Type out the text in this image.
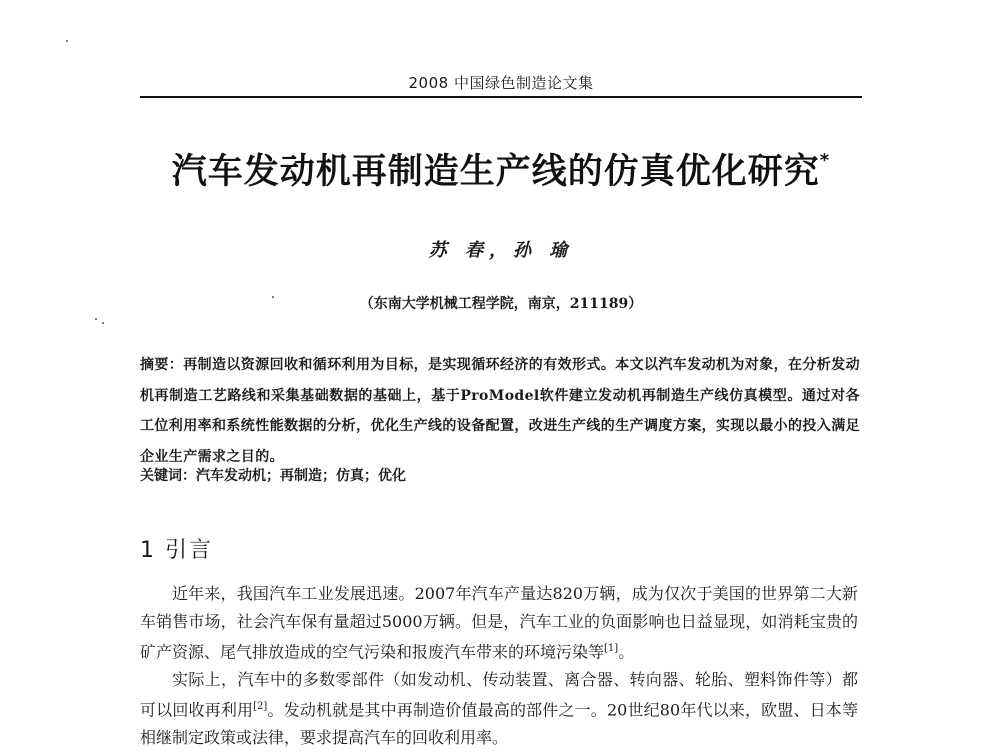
2008 中国绿色制造论文集
汽车发动机再制造生产线的仿真优化研究*
苏 春，孙 瑜
（东南大学机械工程学院，南京，211189）
摘要：再制造以资源回收和循环利用为目标，是实现循环经济的有效形式。本文以汽车发动机为对象，在分析发动机再制造工艺路线和采集基础数据的基础上，基于ProModel软件建立发动机再制造生产线仿真模型。通过对各工位利用率和系统性能数据的分析，优化生产线的设备配置，改进生产线的生产调度方案，实现以最小的投入满足企业生产需求之目的。
关键词：汽车发动机；再制造；仿真；优化
1 引言

近年来，我国汽车工业发展迅速。2007年汽车产量达820万辆，成为仅次于美国的世界第二大新车销售市场，社会汽车保有量超过5000万辆。但是，汽车工业的负面影响也日益显现，如消耗宝贵的矿产资源、尾气排放造成的空气污染和报废汽车带来的环境污染等[1]。

实际上，汽车中的多数零部件（如发动机、传动装置、离合器、转向器、轮胎、塑料饰件等）都可以回收再利用[2]。发动机就是其中再制造价值最高的部件之一。20世纪80年代以来，欧盟、日本等相继制定政策或法律，要求提高汽车的回收利用率。
